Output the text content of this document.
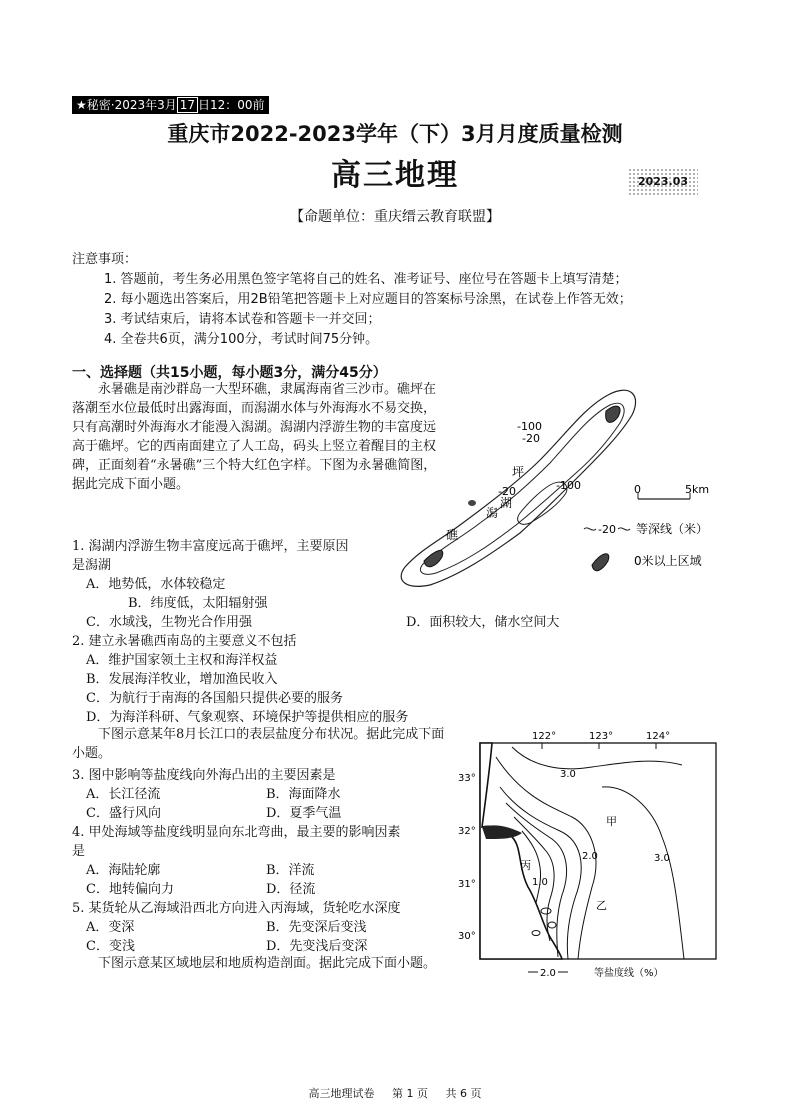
★秘密·2023年3月 17 日12：00前
重庆市2022-2023学年（下）3月月度质量检测
高三地理	2023.03
【命题单位：重庆缙云教育联盟】
注意事项：
1. 答题前，考生务必用黑色签字笔将自己的姓名、准考证号、座位号在答题卡上填写清楚；
2. 每小题选出答案后，用2B铅笔把答题卡上对应题目的答案标号涂黑，在试卷上作答无效；
3. 考试结束后，请将本试卷和答题卡一并交回；
4. 全卷共6页，满分100分，考试时间75分钟。
一、选择题（共15小题，每小题3分，满分45分）
永暑礁是南沙群岛一大型环礁，隶属海南省三沙市。礁坪在落潮至水位最低时出露海面，而潟湖水体与外海海水不易交换，只有高潮时外海海水才能漫入潟湖。潟湖内浮游生物的丰富度远高于礁坪。它的西南面建立了人工岛，码头上竖立着醒目的主权碑，正面刻着“永暑礁”三个特大红色字样。下图为永暑礁简图，据此完成下面小题。
1. 潟湖内浮游生物丰富度远高于礁坪，主要原因
是潟湖
A．地势低，水体较稳定
B．纬度低，太阳辐射强
C．水域浅，生物光合作用强	D．面积较大，储水空间大
2. 建立永暑礁西南岛的主要意义不包括
A．维护国家领土主权和海洋权益
B．发展海洋牧业，增加渔民收入
C．为航行于南海的各国船只提供必要的服务
D．为海洋科研、气象观察、环境保护等提供相应的服务
下图示意某年8月长江口的表层盐度分布状况。据此完成下面小题。
3. 图中影响等盐度线向外海凸出的主要因素是
A．长江径流	B．海面降水
C．盛行风向	D．夏季气温
4. 甲处海域等盐度线明显向东北弯曲，最主要的影响因素
是
A．海陆轮廓	B．洋流
C．地转偏向力	D．径流
5. 某货轮从乙海域沿西北方向进入丙海域，货轮吃水深度
A．变深	B．先变深后变浅
C．变浅	D．先变浅后变深
下图示意某区域地层和地质构造剖面。据此完成下面小题。
-100
-20
坪
-20
湖
潟
-100
礁
0	5km
-20 等深线（米）
0米以上区域
122°	123°	124°
33°
32°
31°
30°
3.0
3.0
甲
乙
丙
1.0
2.0
2.0	等盐度线（%）
高三地理试卷 第 1 页 共 6 页
